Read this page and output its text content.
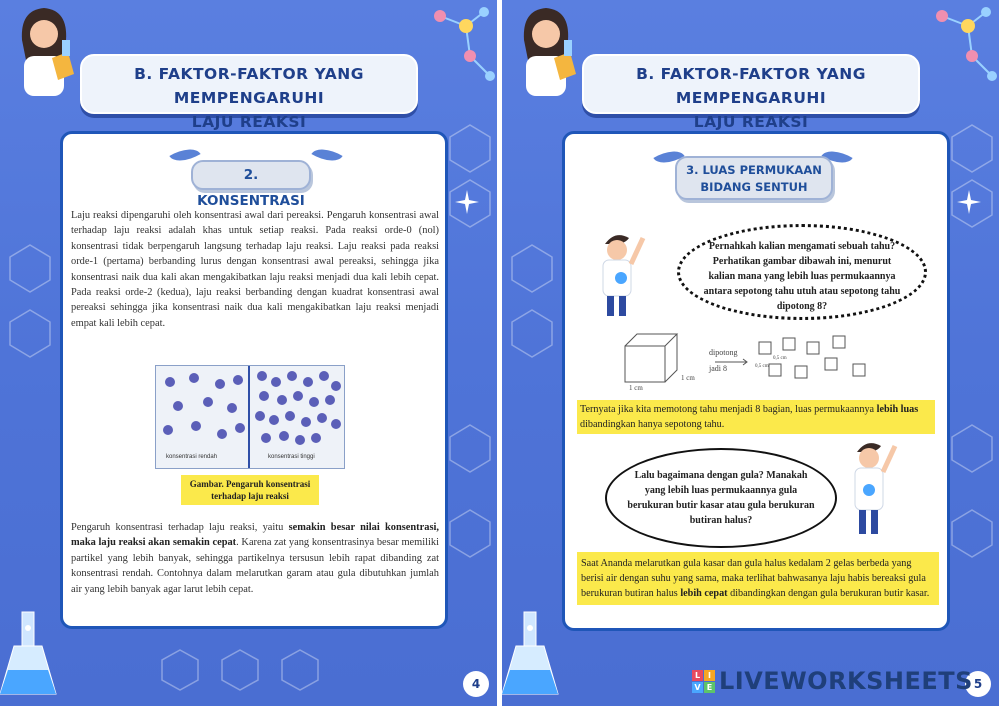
B. FAKTOR-FAKTOR YANG MEMPENGARUHI
LAJU REAKSI
2. KONSENTRASI

Laju reaksi dipengaruhi oleh konsentrasi awal dari pereaksi. Pengaruh konsentrasi awal terhadap laju reaksi adalah khas untuk setiap reaksi. Pada reaksi orde-0 (nol) konsentrasi tidak berpengaruh langsung terhadap laju reaksi. Laju reaksi pada reaksi orde-1 (pertama) berbanding lurus dengan konsentrasi awal pereaksi, sehingga jika konsentrasi naik dua kali akan mengakibatkan laju reaksi menjadi dua kali lebih cepat. Pada reaksi orde-2 (kedua), laju reaksi berbanding dengan kuadrat konsentrasi awal pereaksi sehingga jika konsentrasi naik dua kali mengakibatkan laju reaksi menjadi empat kali lebih cepat.

konsentrasi rendah	konsentrasi tinggi
Gambar. Pengaruh konsentrasi
terhadap laju reaksi

Pengaruh konsentrasi terhadap laju reaksi, yaitu semakin besar nilai konsentrasi, maka laju reaksi akan semakin cepat. Karena zat yang konsentrasinya besar memiliki partikel yang lebih banyak, sehingga partikelnya tersusun lebih rapat dibanding zat konsentrasi rendah. Contohnya dalam melarutkan garam atau gula dibutuhkan jumlah air yang lebih banyak agar larut lebih cepat.

4
B. FAKTOR-FAKTOR YANG MEMPENGARUHI
LAJU REAKSI
3. LUAS PERMUKAAN
BIDANG SENTUH
Pernahkah kalian mengamati sebuah tahu? Perhatikan gambar dibawah ini, menurut kalian mana yang lebih luas permukaannya antara sepotong tahu utuh atau sepotong tahu dipotong 8?
1 cm
1 cm
dipotong
jadi 8
0,5 cm
0,5 cm
Ternyata jika kita memotong tahu menjadi 8 bagian, luas permukaannya lebih luas dibandingkan hanya sepotong tahu.
Lalu bagaimana dengan gula? Manakah yang lebih luas permukaannya gula berukuran butir kasar atau gula berukuran butiran halus?
Saat Ananda melarutkan gula kasar dan gula halus kedalam 2 gelas berbeda yang berisi air dengan suhu yang sama, maka terlihat bahwasanya laju habis bereaksi gula berukuran butiran halus lebih cepat dibandingkan dengan gula berukuran butir kasar.
5
L I
V E LIVEWORKSHEETS
